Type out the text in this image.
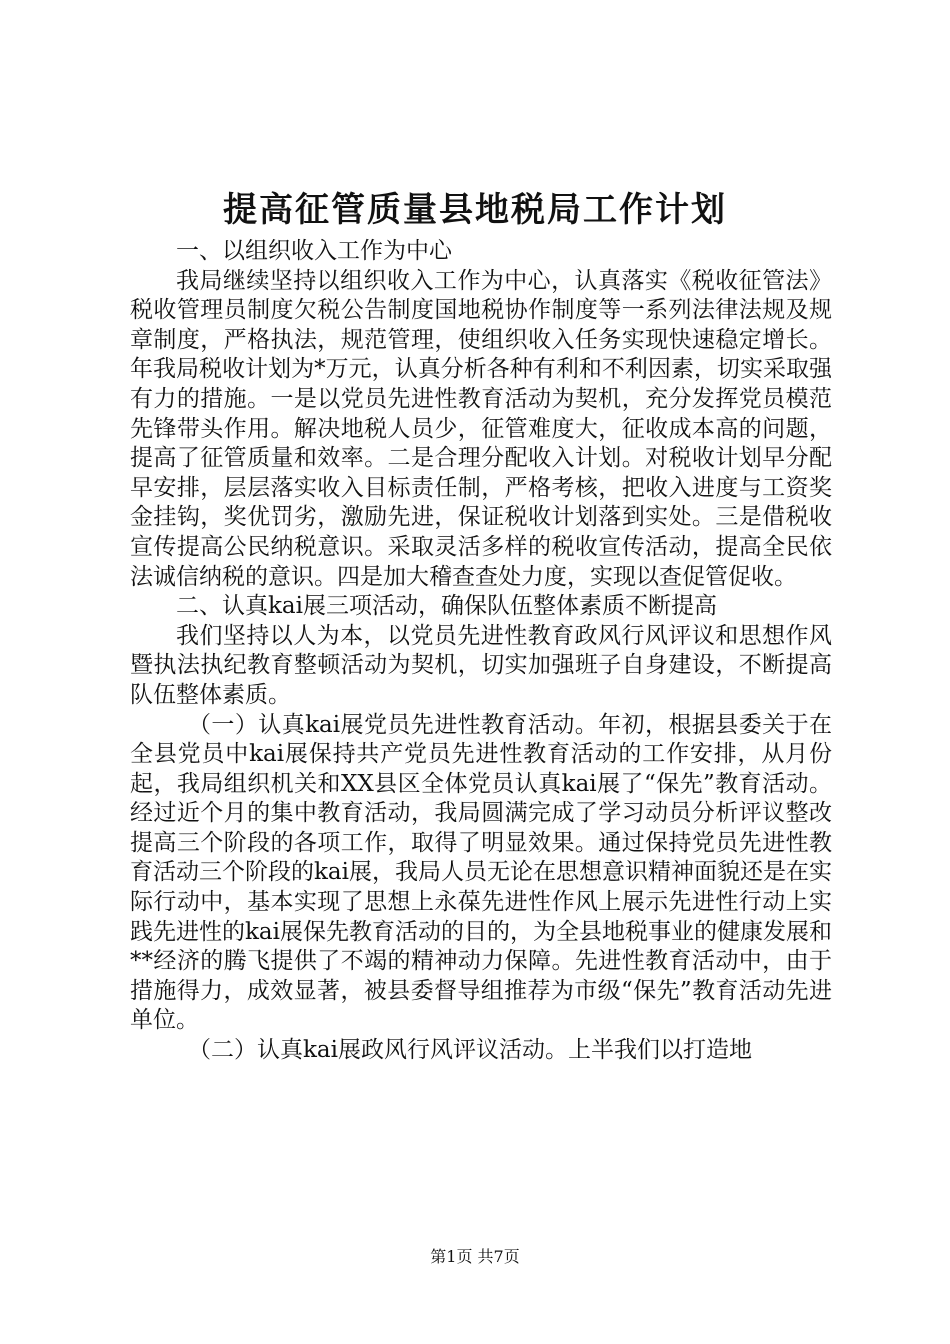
提高征管质量县地税局工作计划

一、以组织收入工作为中心

我局继续坚持以组织收入工作为中心，认真落实《税收征管法》税收管理员制度欠税公告制度国地税协作制度等一系列法律法规及规章制度，严格执法，规范管理，使组织收入任务实现快速稳定增长。年我局税收计划为*万元，认真分析各种有利和不利因素，切实采取强有力的措施。一是以党员先进性教育活动为契机，充分发挥党员模范先锋带头作用。解决地税人员少，征管难度大，征收成本高的问题，提高了征管质量和效率。二是合理分配收入计划。对税收计划早分配早安排，层层落实收入目标责任制，严格考核，把收入进度与工资奖金挂钩，奖优罚劣，激励先进，保证税收计划落到实处。三是借税收宣传提高公民纳税意识。采取灵活多样的税收宣传活动，提高全民依法诚信纳税的意识。四是加大稽查查处力度，实现以查促管促收。

二、认真kai展三项活动，确保队伍整体素质不断提高

我们坚持以人为本，以党员先进性教育政风行风评议和思想作风暨执法执纪教育整顿活动为契机，切实加强班子自身建设，不断提高队伍整体素质。

（一）认真kai展党员先进性教育活动。年初，根据县委关于在全县党员中kai展保持共产党员先进性教育活动的工作安排，从月份起，我局组织机关和XX县区全体党员认真kai展了“保先”教育活动。经过近个月的集中教育活动，我局圆满完成了学习动员分析评议整改提高三个阶段的各项工作，取得了明显效果。通过保持党员先进性教育活动三个阶段的kai展，我局人员无论在思想意识精神面貌还是在实际行动中，基本实现了思想上永葆先进性作风上展示先进性行动上实践先进性的kai展保先教育活动的目的，为全县地税事业的健康发展和**经济的腾飞提供了不竭的精神动力保障。先进性教育活动中，由于措施得力，成效显著，被县委督导组推荐为市级“保先”教育活动先进单位。

（二）认真kai展政风行风评议活动。上半我们以打造地

第1页 共7页
